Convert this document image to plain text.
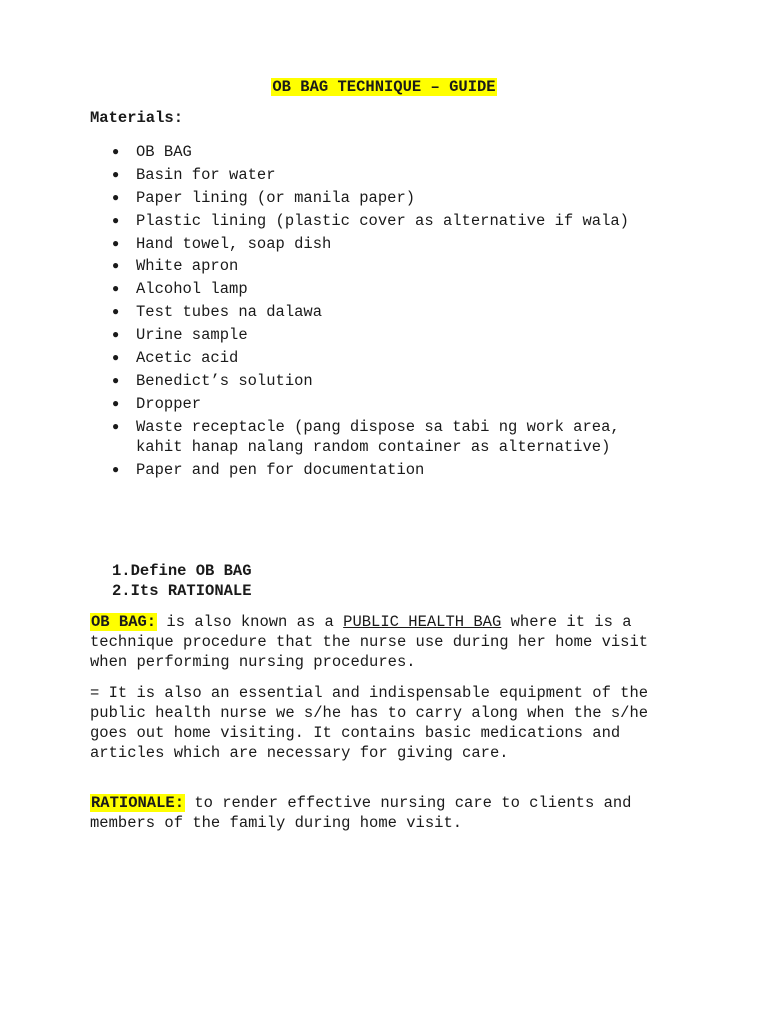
OB BAG TECHNIQUE – GUIDE
Materials:
● OB BAG
● Basin for water
● Paper lining (or manila paper)
● Plastic lining (plastic cover as alternative if wala)
● Hand towel, soap dish
● White apron
● Alcohol lamp
● Test tubes na dalawa
● Urine sample
● Acetic acid
● Benedict’s solution
● Dropper
● Waste receptacle (pang dispose sa tabi ng work area, kahit hanap nalang random container as alternative)
● Paper and pen for documentation
1.Define OB BAG
2.Its RATIONALE

OB BAG: is also known as a PUBLIC HEALTH BAG where it is a technique procedure that the nurse use during her home visit when performing nursing procedures.

= It is also an essential and indispensable equipment of the public health nurse we s/he has to carry along when the s/he goes out home visiting. It contains basic medications and articles which are necessary for giving care.

RATIONALE: to render effective nursing care to clients and members of the family during home visit.
